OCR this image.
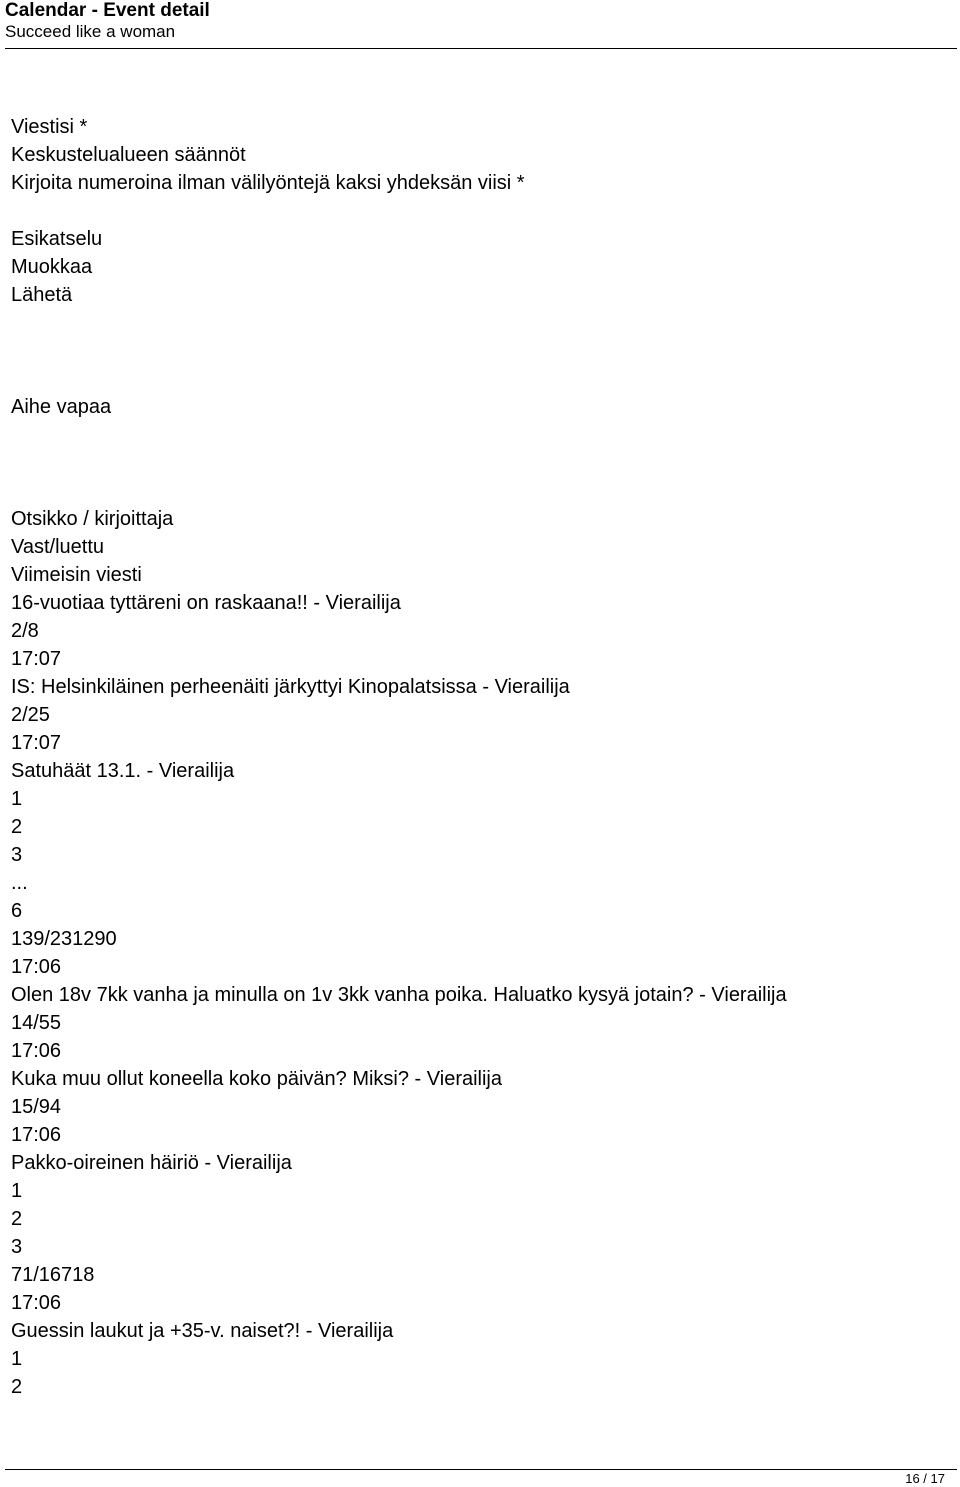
Calendar - Event detail
Succeed like a woman
Viestisi *
Keskustelualueen säännöt
Kirjoita numeroina ilman välilyöntejä kaksi yhdeksän viisi *
Esikatselu
Muokkaa
Lähetä
Aihe vapaa
Otsikko / kirjoittaja
Vast/luettu
Viimeisin viesti
16-vuotiaa tyttäreni on raskaana!! - Vierailija
2/8
17:07
IS: Helsinkiläinen perheenäiti järkyttyi Kinopalatsissa - Vierailija
2/25
17:07
Satuhäät 13.1. - Vierailija
1
2
3
...
6
139/231290
17:06
Olen 18v 7kk vanha ja minulla on 1v 3kk vanha poika. Haluatko kysyä jotain? - Vierailija
14/55
17:06
Kuka muu ollut koneella koko päivän? Miksi? - Vierailija
15/94
17:06
Pakko-oireinen häiriö - Vierailija
1
2
3
71/16718
17:06
Guessin laukut ja +35-v. naiset?! - Vierailija
1
2
16 / 17
